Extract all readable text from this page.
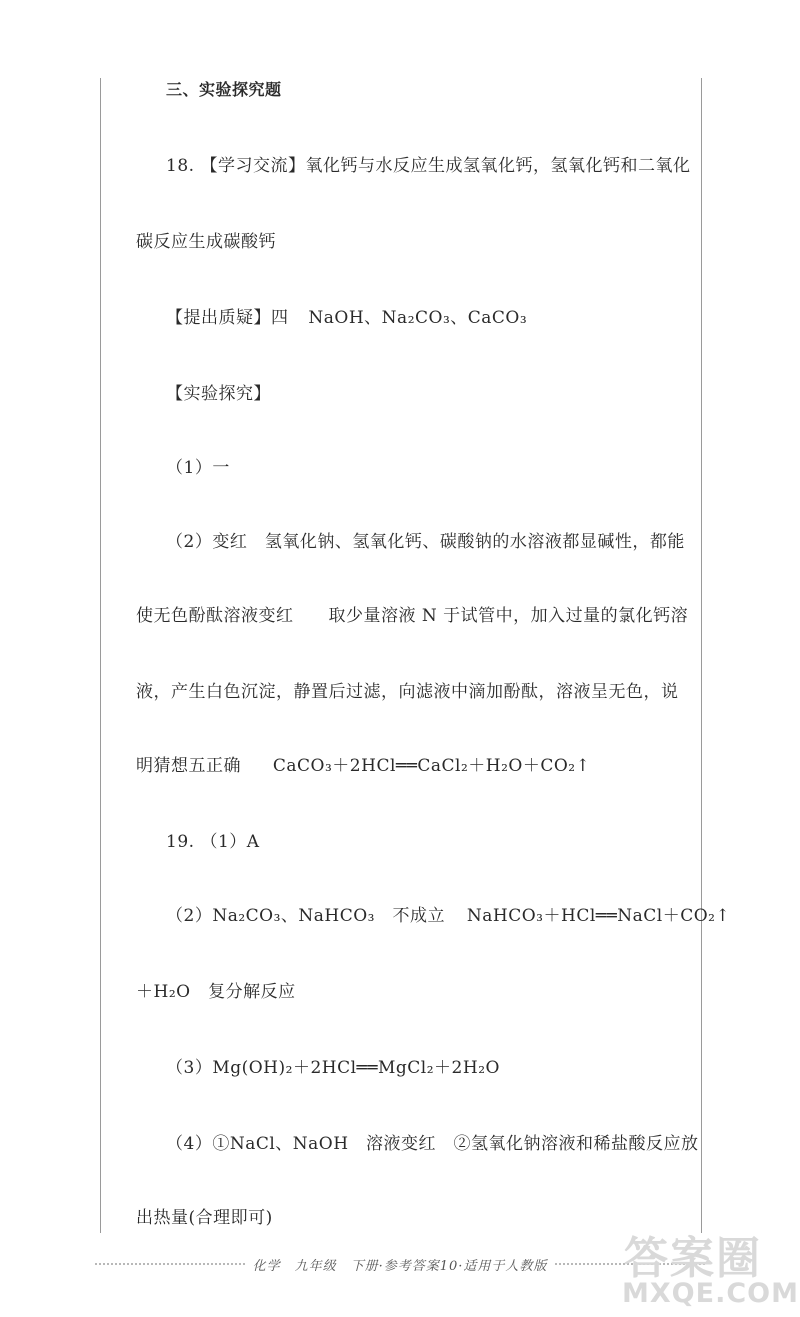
三、实验探究题
18. 【学习交流】氧化钙与水反应生成氢氧化钙，氢氧化钙和二氧化
碳反应生成碳酸钙
【提出质疑】四 NaOH、Na₂CO₃、CaCO₃
【实验探究】
（1）一
（2）变红　氢氧化钠、氢氧化钙、碳酸钠的水溶液都显碱性，都能
使无色酚酞溶液变红　　取少量溶液 N 于试管中，加入过量的氯化钙溶
液，产生白色沉淀，静置后过滤，向滤液中滴加酚酞，溶液呈无色，说
明猜想五正确 CaCO₃＋2HCl══CaCl₂＋H₂O＋CO₂↑
19. （1）A
（2）Na₂CO₃、NaHCO₃　不成立 NaHCO₃＋HCl══NaCl＋CO₂↑
＋H₂O　复分解反应
（3）Mg(OH)₂＋2HCl══MgCl₂＋2H₂O
（4）①NaCl、NaOH　溶液变红　②氢氧化钠溶液和稀盐酸反应放
出热量(合理即可)
化学　九年级　下册·参考答案10·适用于人教版 答案圈
MXQE.COM
